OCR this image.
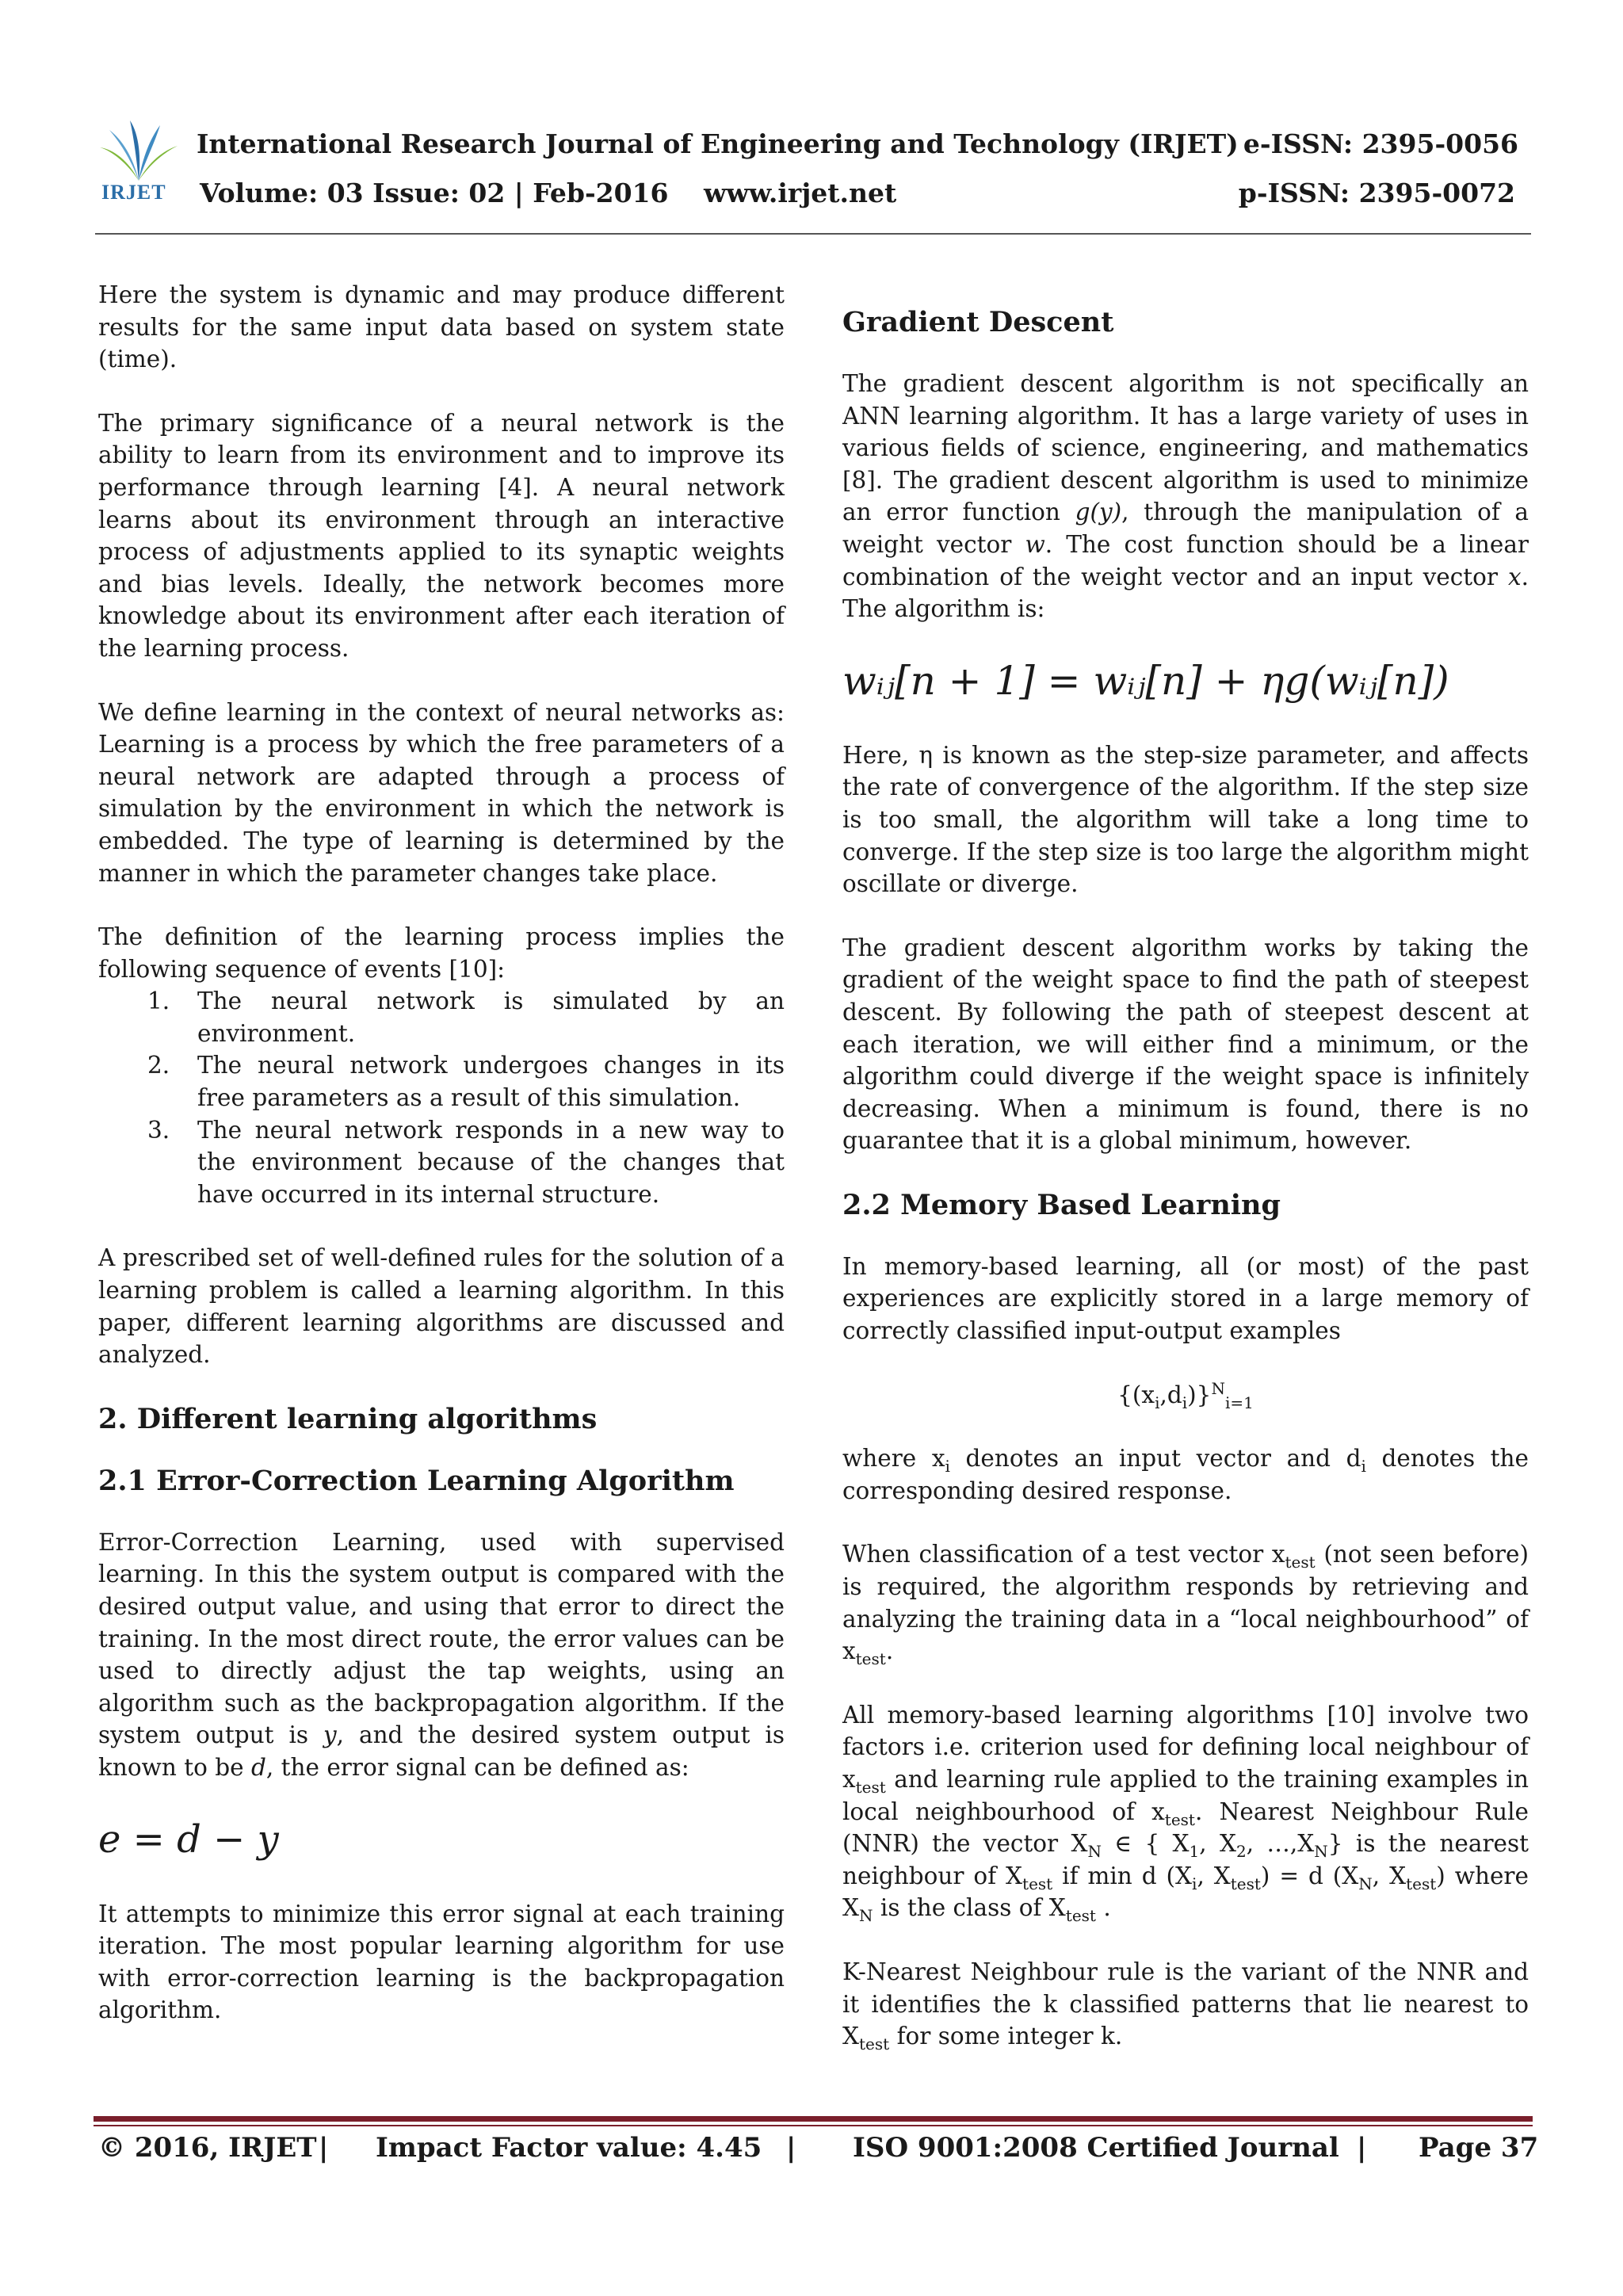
IRJET
International Research Journal of Engineering and Technology (IRJET) e-ISSN: 2395-0056
Volume: 03 Issue: 02 | Feb-2016 www.irjet.net	p-ISSN: 2395-0072

Here the system is dynamic and may produce different results for the same input data based on system state (time).

The primary significance of a neural network is the ability to learn from its environment and to improve its performance through learning [4]. A neural network learns about its environment through an interactive process of adjustments applied to its synaptic weights and bias levels. Ideally, the network becomes more knowledge about its environment after each iteration of the learning process.

We define learning in the context of neural networks as: Learning is a process by which the free parameters of a neural network are adapted through a process of simulation by the environment in which the network is embedded. The type of learning is determined by the manner in which the parameter changes take place.

The definition of the learning process implies the following sequence of events [10]:

1. The neural network is simulated by an environment.
2. The neural network undergoes changes in its free parameters as a result of this simulation.
3. The neural network responds in a new way to the environment because of the changes that have occurred in its internal structure.

A prescribed set of well-defined rules for the solution of a learning problem is called a learning algorithm. In this paper, different learning algorithms are discussed and analyzed.

2. Different learning algorithms
2.1 Error-Correction Learning Algorithm

Error-Correction Learning, used with supervised learning. In this the system output is compared with the desired output value, and using that error to direct the training. In the most direct route, the error values can be used to directly adjust the tap weights, using an algorithm such as the backpropagation algorithm. If the system output is y, and the desired system output is known to be d, the error signal can be defined as:

e = d − y

It attempts to minimize this error signal at each training iteration. The most popular learning algorithm for use with error-correction learning is the backpropagation algorithm.

Gradient Descent

The gradient descent algorithm is not specifically an ANN learning algorithm. It has a large variety of uses in various fields of science, engineering, and mathematics [8]. The gradient descent algorithm is used to minimize an error function g(y), through the manipulation of a weight vector w. The cost function should be a linear combination of the weight vector and an input vector x. The algorithm is:

wᵢⱼ[n + 1] = wᵢⱼ[n] + ηg(wᵢⱼ[n])

Here, η is known as the step-size parameter, and affects the rate of convergence of the algorithm. If the step size is too small, the algorithm will take a long time to converge. If the step size is too large the algorithm might oscillate or diverge.

The gradient descent algorithm works by taking the gradient of the weight space to find the path of steepest descent. By following the path of steepest descent at each iteration, we will either find a minimum, or the algorithm could diverge if the weight space is infinitely decreasing. When a minimum is found, there is no guarantee that it is a global minimum, however.

2.2 Memory Based Learning

In memory-based learning, all (or most) of the past experiences are explicitly stored in a large memory of correctly classified input-output examples

$\{(x_i,d_i)\}^N_{i=1}$

where $x_i$ denotes an input vector and $d_i$ denotes the corresponding desired response.

When classification of a test vector $x_{test}$ (not seen before) is required, the algorithm responds by retrieving and analyzing the training data in a “local neighbourhood” of $x_{test}$.

All memory-based learning algorithms [10] involve two factors i.e. criterion used for defining local neighbour of $x_{test}$ and learning rule applied to the training examples in local neighbourhood of $x_{test}$. Nearest Neighbour Rule (NNR) the vector $X_N$ ∈ { $X_1$, $X_2$, $\dots,X_N$} is the nearest neighbour of $X_{test}$ if min d ($X_i$, $X_{test}) = d$ ($X_N$, $X_{test}$) where $X_N$ is the class of $X_{test}$ .

K-Nearest Neighbour rule is the variant of the NNR and it identifies the k classified patterns that lie nearest to $X_{test}$ for some integer k.

© 2016, IRJET | Impact Factor value: 4.45 | ISO 9001:2008 Certified Journal | Page 37
